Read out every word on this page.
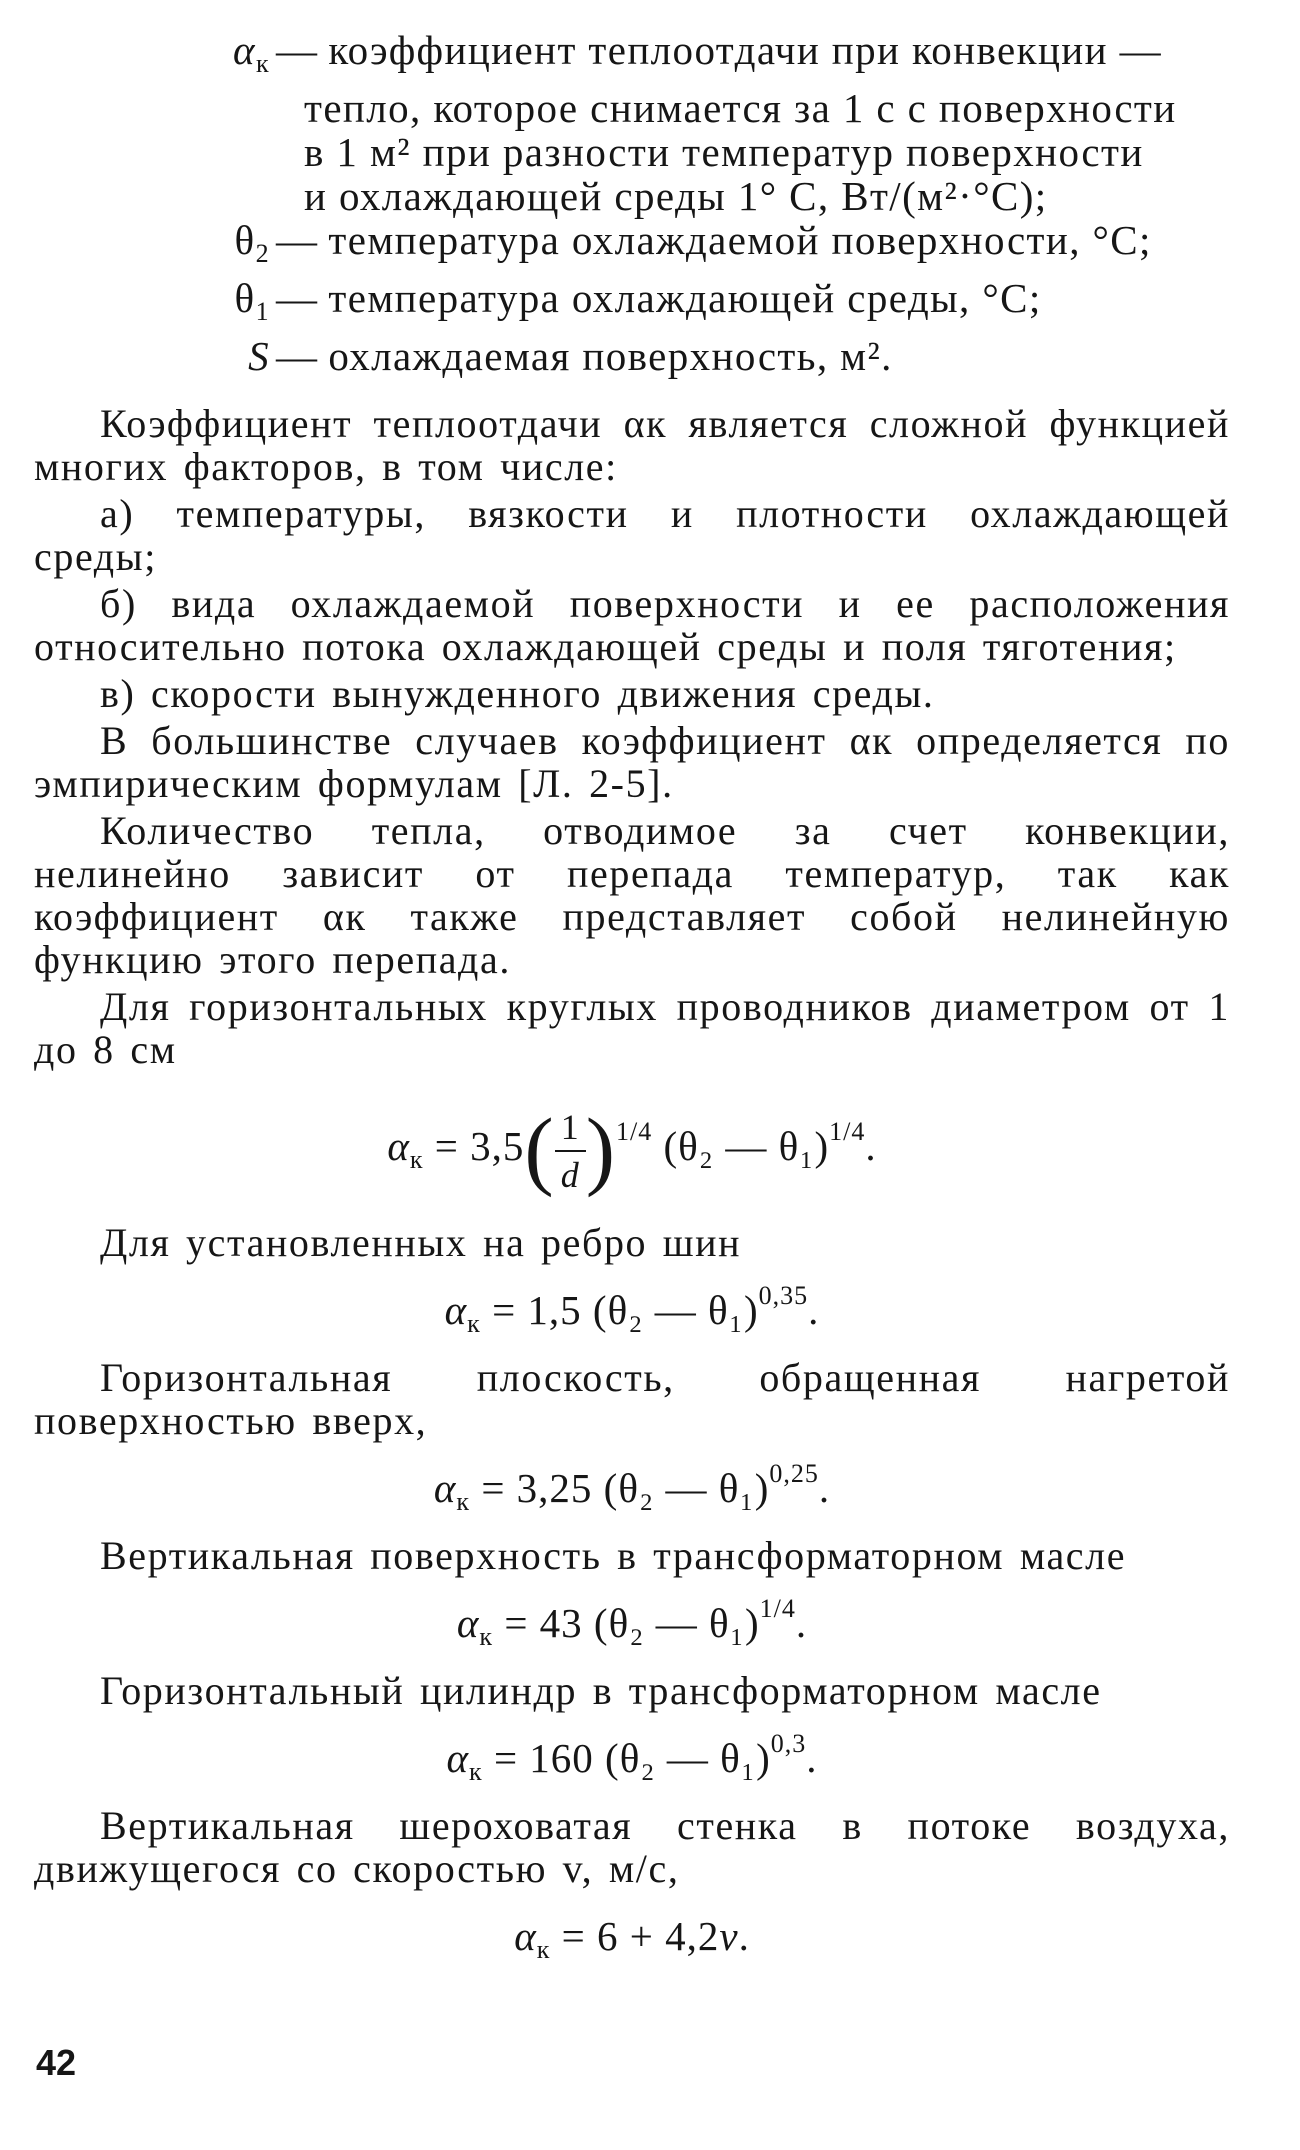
$\alpha_к$ — коэффициент теплоотдачи при конвекции —
тепло, которое снимается за 1 с с поверхности
в 1 м² при разности температур поверхности
и охлаждающей среды 1° С, Вт/(м²·°С);
$\theta_2$ — температура охлаждаемой поверхности, °С;
$\theta_1$ — температура охлаждающей среды, °С;
S — охлаждаемая поверхность, м².

Коэффициент теплоотдачи αк является сложной функцией многих факторов, в том числе:

а) температуры, вязкости и плотности охлаждающей среды;

б) вида охлаждаемой поверхности и ее расположения относительно потока охлаждающей среды и поля тяготения;

в) скорости вынужденного движения среды.

В большинстве случаев коэффициент αк определяется по эмпирическим формулам [Л. 2-5].

Количество тепла, отводимое за счет конвекции, нелинейно зависит от перепада температур, так как коэффициент αк также представляет собой нелинейную функцию этого перепада.

Для горизонтальных круглых проводников диаметром от 1 до 8 см

$\alpha_к = 3,5( \frac{1}{d} )^{1/4}$ (θ₂ — θ₁)$^{1/4}$.

Для установленных на ребро шин

$\alpha_к = 1,5$ (θ₂ — θ₁)$^{0,35}$.

Горизонтальная плоскость, обращенная нагретой поверхностью вверх,

$\alpha_к = 3,25$ (θ₂ — θ₁)$^{0,25}$.

Вертикальная поверхность в трансформаторном масле

$\alpha_к = 43$ (θ₂ — θ₁)$^{1/4}$.

Горизонтальный цилиндр в трансформаторном масле

$\alpha_к = 160$ (θ₂ — θ₁)$^{0,3}$.

Вертикальная шероховатая стенка в потоке воздуха, движущегося со скоростью v, м/с,

$\alpha_к = 6 + 4,2v$.
42
